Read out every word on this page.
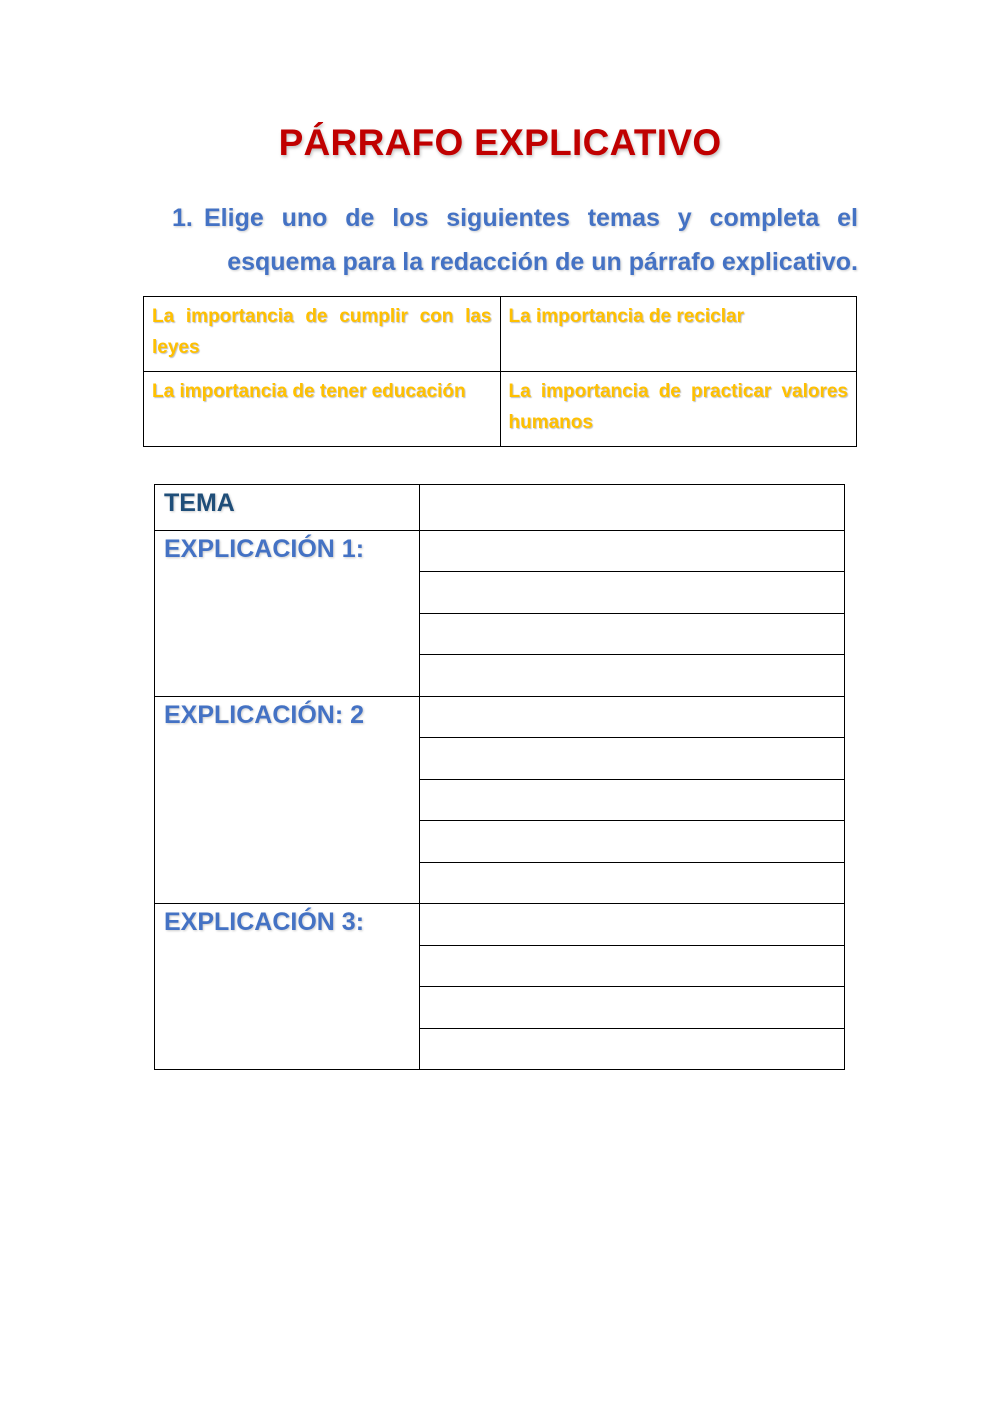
PÁRRAFO EXPLICATIVO
1. Elige uno de los siguientes temas y completa el esquema para la redacción de un párrafo explicativo.
La importancia de cumplir con las leyes	La importancia de reciclar
La importancia de tener educación	La importancia de practicar valores humanos
TEMA	
EXPLICACIÓN 1:	

EXPLICACIÓN: 2	

EXPLICACIÓN 3:	
